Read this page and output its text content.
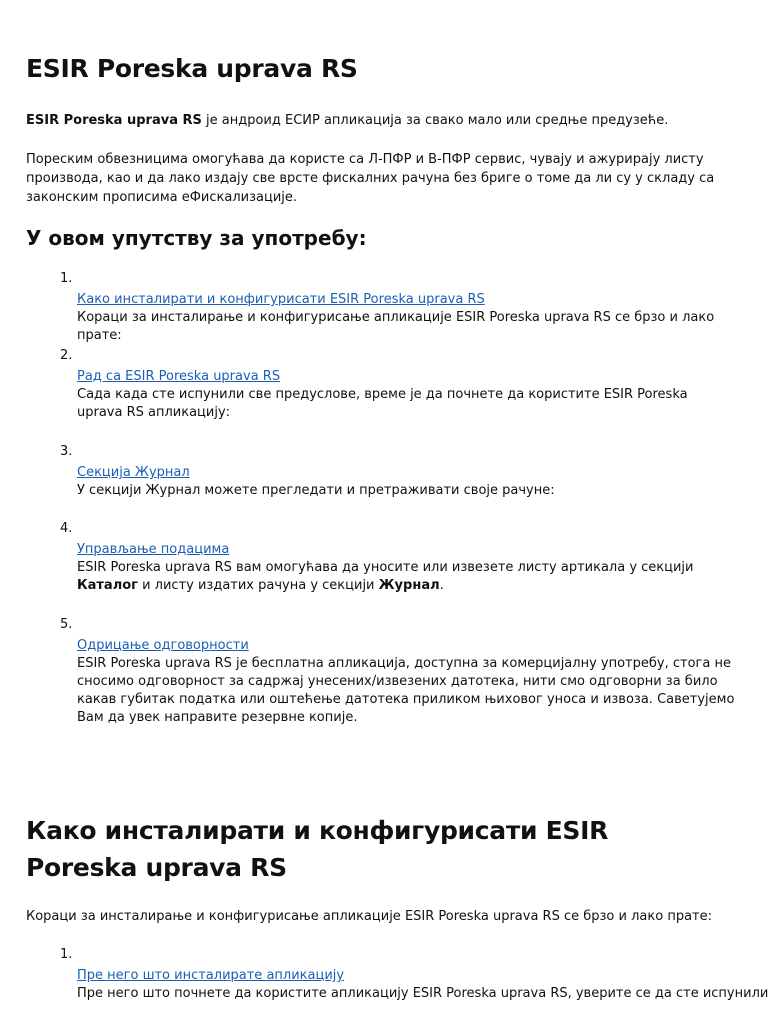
ESIR Poreska uprava RS

ESIR Poreska uprava RS је андроид ЕСИР апликација за свако мало или средње предузеће.

Пореским обвезницима омогућава да користе са Л-ПФР и В-ПФР сервис, чувају и ажурирају листу производа, као и да лако издају све врсте фискалних рачуна без бриге о томе да ли су у складу са законским прописима еФискализације.

У овом упутству за употребу:
1.
Како инсталирати и конфигурисати ESIR Poreska uprava RS

Кораци за инсталирање и конфигурисање апликације ESIR Poreska uprava RS се брзо и лако прате:

2.
Рад са ESIR Poreska uprava RS

Сада када сте испунили све предуслове, време је да почнете да користите ESIR Poreska uprava RS апликацију:

3.
Секција Журнал

У секцији Журнал можете прегледати и претраживати своје рачуне:

4.
Управљање подацима

ESIR Poreska uprava RS вам омогућава да уносите или извезете листу артикала у секцији Каталог и листу издатих рачуна у секцији Журнал.

5.
Одрицање одговорности

ESIR Poreska uprava RS је бесплатна апликација, доступна за комерцијалну употребу, стога не сносимо одговорност за садржај унесених/извезених датотека, нити смо одговорни за било какав губитак податка или оштећење датотека приликом њиховог уноса и извоза. Саветујемо Вам да увек направите резервне копије.

Како инсталирати и конфигурисати ESIR Poreska uprava RS

Кораци за инсталирање и конфигурисање апликације ESIR Poreska uprava RS се брзо и лако прате:

1.
Пре него што инсталирате апликацију

Пре него што почнете да користите апликацију ESIR Poreska uprava RS, уверите се да сте испунили
